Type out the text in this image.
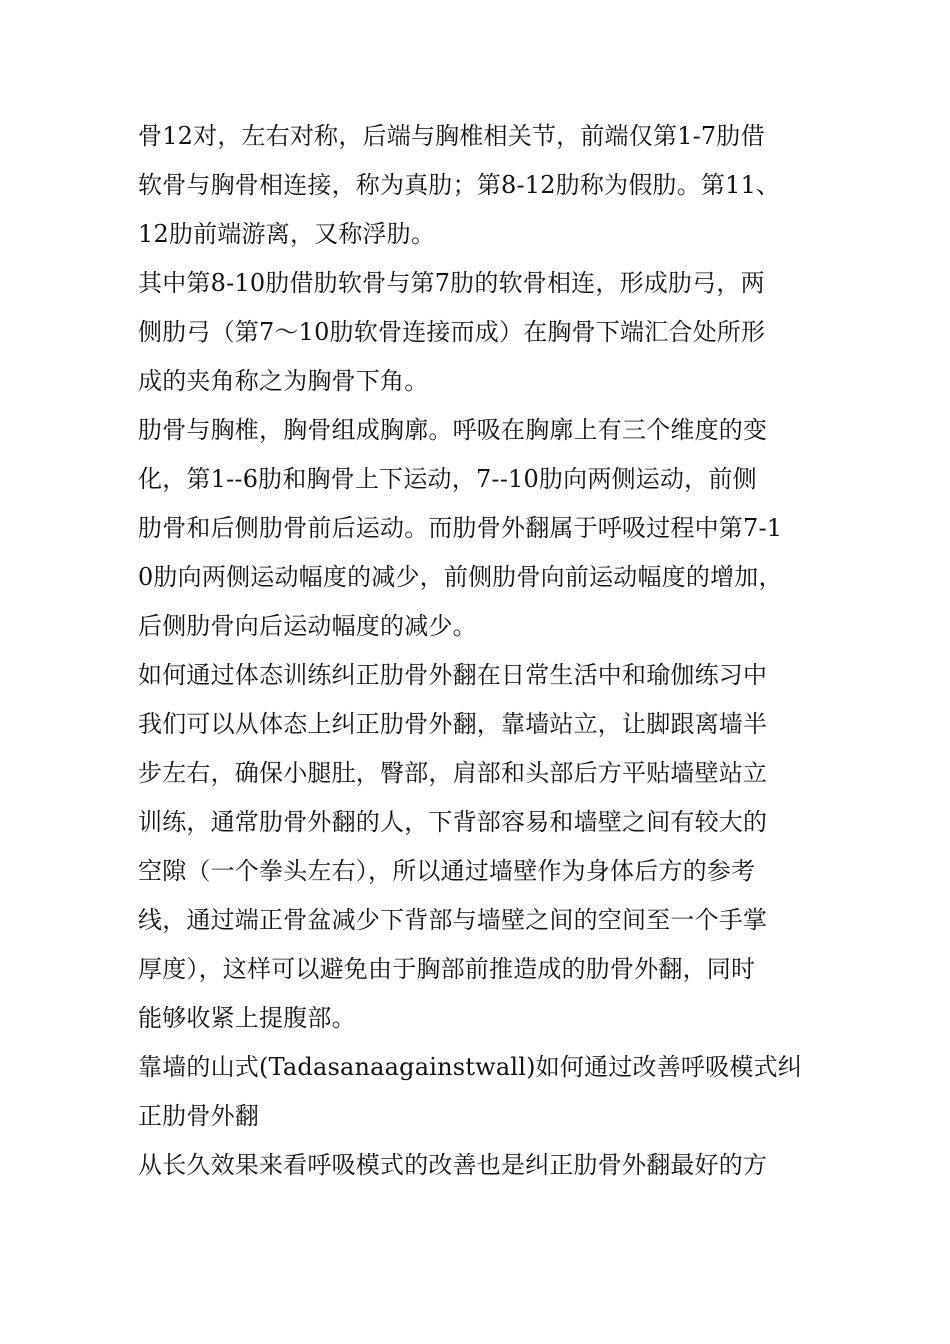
骨12对，左右对称，后端与胸椎相关节，前端仅第1-7肋借
软骨与胸骨相连接，称为真肋；第8-12肋称为假肋。第11、
12肋前端游离，又称浮肋。
其中第8-10肋借肋软骨与第7肋的软骨相连，形成肋弓，两
侧肋弓（第7〜10肋软骨连接而成）在胸骨下端汇合处所形
成的夹角称之为胸骨下角。
肋骨与胸椎，胸骨组成胸廓。呼吸在胸廓上有三个维度的变
化，第1--6肋和胸骨上下运动，7--10肋向两侧运动，前侧
肋骨和后侧肋骨前后运动。而肋骨外翻属于呼吸过程中第7-1
0肋向两侧运动幅度的减少，前侧肋骨向前运动幅度的增加，
后侧肋骨向后运动幅度的减少。
如何通过体态训练纠正肋骨外翻在日常生活中和瑜伽练习中
我们可以从体态上纠正肋骨外翻，靠墙站立，让脚跟离墙半
步左右，确保小腿肚，臀部，肩部和头部后方平贴墙壁站立
训练，通常肋骨外翻的人，下背部容易和墙壁之间有较大的
空隙（一个拳头左右），所以通过墙壁作为身体后方的参考
线，通过端正骨盆减少下背部与墙壁之间的空间至一个手掌
厚度），这样可以避免由于胸部前推造成的肋骨外翻，同时
能够收紧上提腹部。
靠墙的山式(Tadasanaagainstwall)如何通过改善呼吸模式纠
正肋骨外翻
从长久效果来看呼吸模式的改善也是纠正肋骨外翻最好的方
